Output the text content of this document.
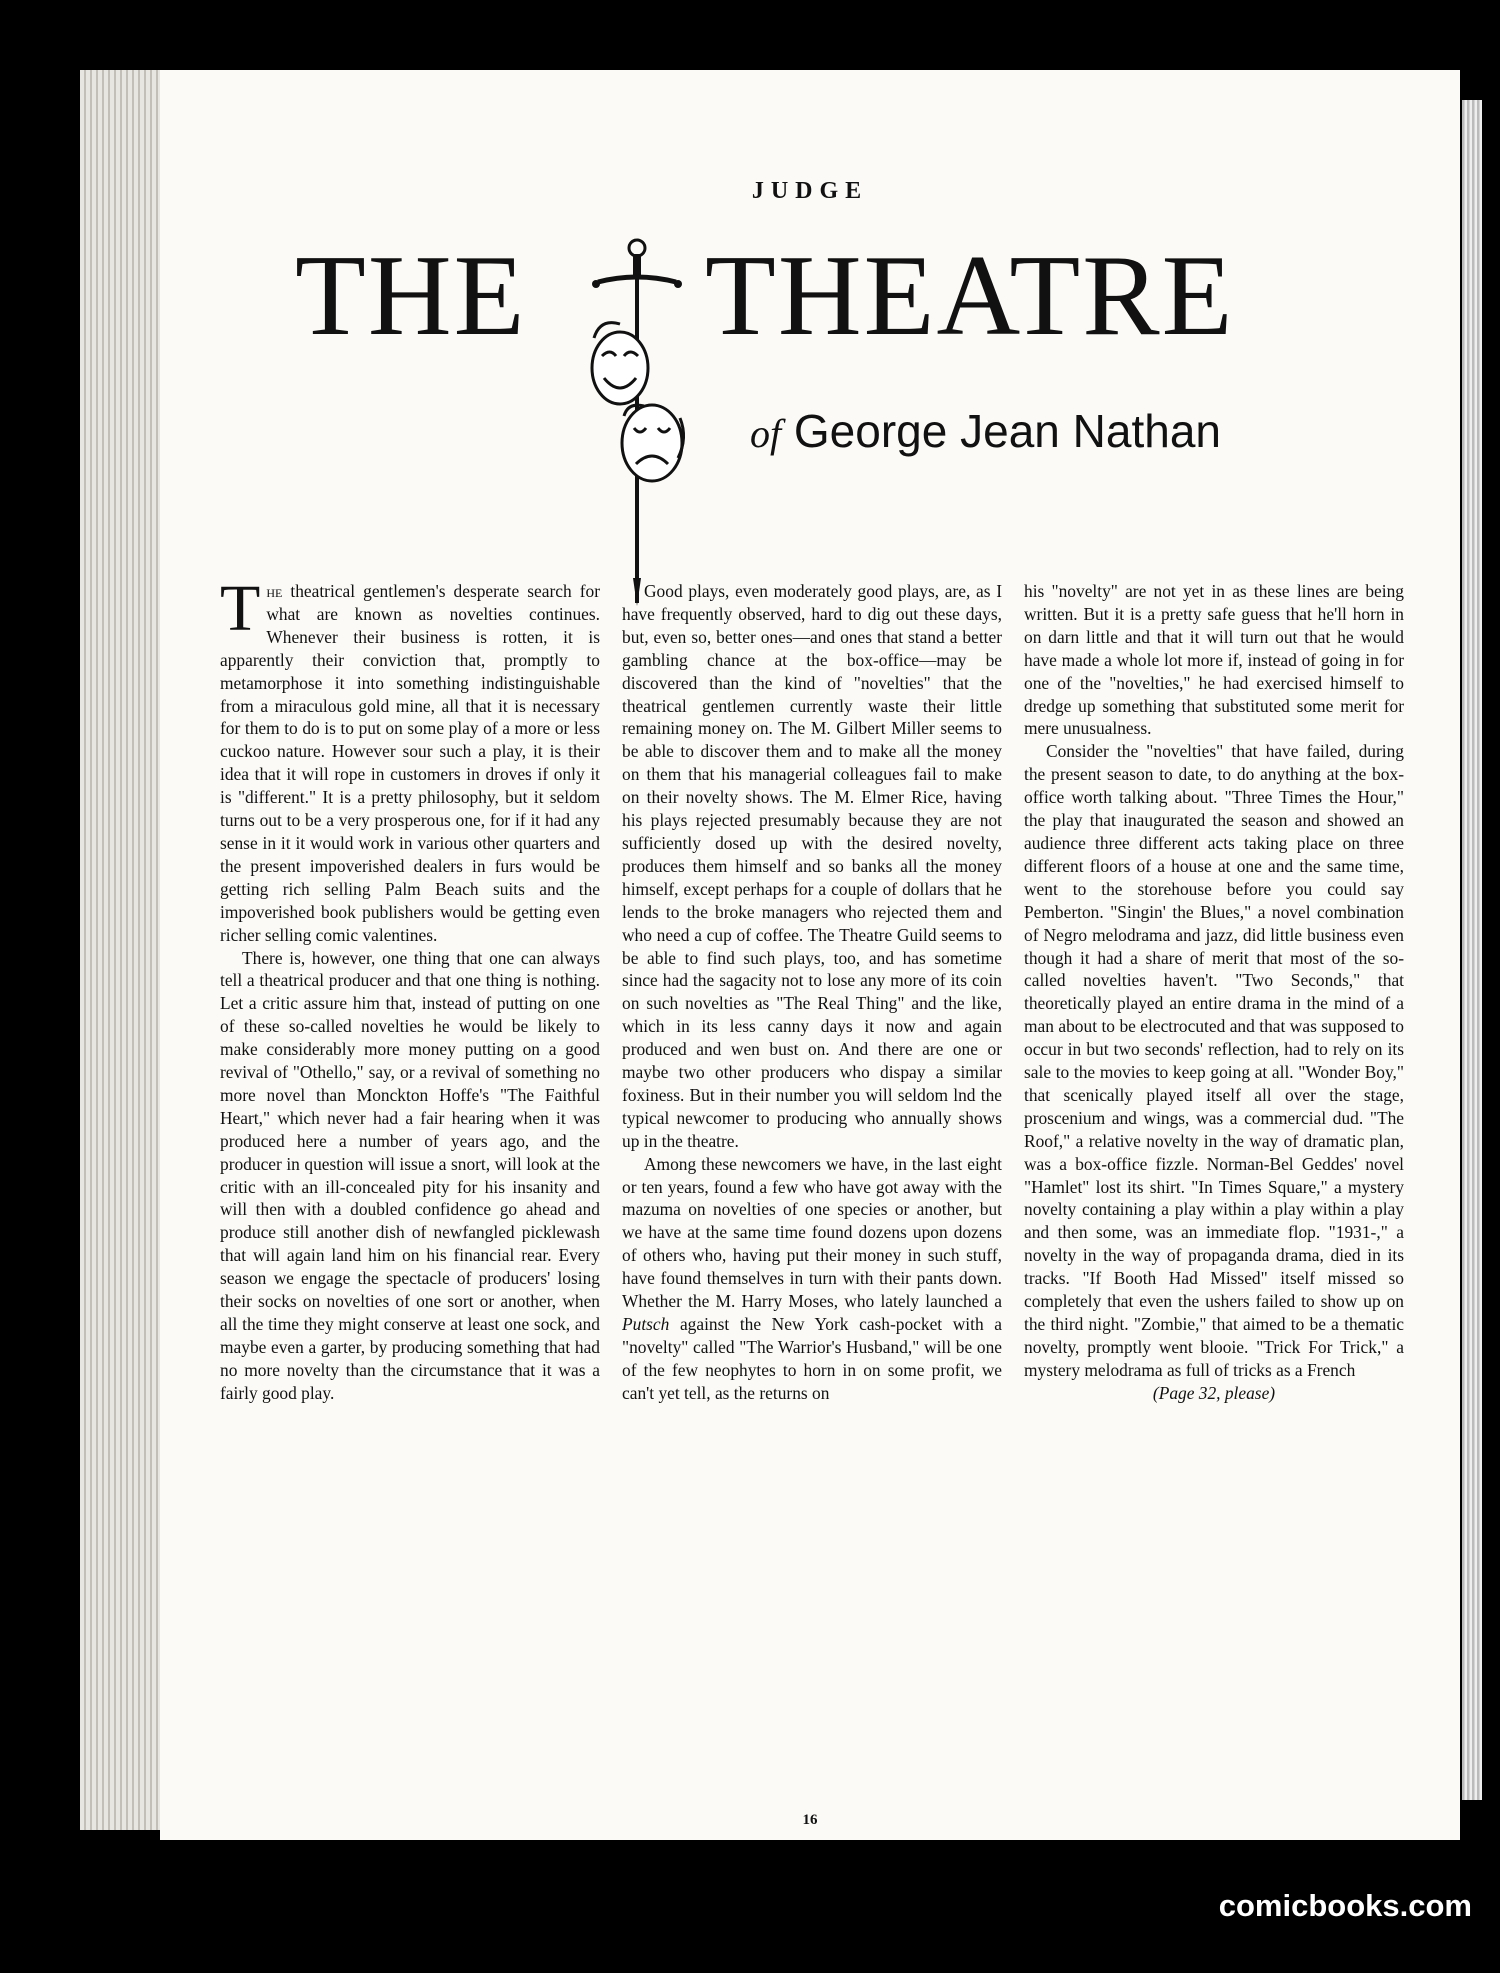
JUDGE
THE THEATRE
of George Jean Nathan

The theatrical gentlemen's desperate search for what are known as novelties continues. Whenever their business is rotten, it is apparently their conviction that, promptly to metamorphose it into something indistinguishable from a miraculous gold mine, all that it is necessary for them to do is to put on some play of a more or less cuckoo nature. However sour such a play, it is their idea that it will rope in customers in droves if only it is "different." It is a pretty philosophy, but it seldom turns out to be a very prosperous one, for if it had any sense in it it would work in various other quarters and the present impoverished dealers in furs would be getting rich selling Palm Beach suits and the impoverished book publishers would be getting even richer selling comic valentines.

There is, however, one thing that one can always tell a theatrical producer and that one thing is nothing. Let a critic assure him that, instead of putting on one of these so-called novelties he would be likely to make considerably more money putting on a good revival of "Othello," say, or a revival of something no more novel than Monckton Hoffe's "The Faithful Heart," which never had a fair hearing when it was produced here a number of years ago, and the producer in question will issue a snort, will look at the critic with an ill-concealed pity for his insanity and will then with a doubled confidence go ahead and produce still another dish of newfangled picklewash that will again land him on his financial rear. Every season we engage the spectacle of producers' losing their socks on novelties of one sort or another, when all the time they might conserve at least one sock, and maybe even a garter, by producing something that had no more novelty than the circumstance that it was a fairly good play.

Good plays, even moderately good plays, are, as I have frequently observed, hard to dig out these days, but, even so, better ones—and ones that stand a better gambling chance at the box-office—may be discovered than the kind of "novelties" that the theatrical gentlemen currently waste their little remaining money on. The M. Gilbert Miller seems to be able to discover them and to make all the money on them that his managerial colleagues fail to make on their novelty shows. The M. Elmer Rice, having his plays rejected presumably because they are not sufficiently dosed up with the desired novelty, produces them himself and so banks all the money himself, except perhaps for a couple of dollars that he lends to the broke managers who rejected them and who need a cup of coffee. The Theatre Guild seems to be able to find such plays, too, and has sometime since had the sagacity not to lose any more of its coin on such novelties as "The Real Thing" and the like, which in its less canny days it now and again produced and wen bust on. And there are one or maybe two other producers who dispay a similar foxiness. But in their number you will seldom lnd the typical newcomer to producing who annually shows up in the theatre.

Among these newcomers we have, in the last eight or ten years, found a few who have got away with the mazuma on novelties of one species or another, but we have at the same time found dozens upon dozens of others who, having put their money in such stuff, have found themselves in turn with their pants down. Whether the M. Harry Moses, who lately launched a Putsch against the New York cash-pocket with a "novelty" called "The Warrior's Husband," will be one of the few neophytes to horn in on some profit, we can't yet tell, as the returns on

his "novelty" are not yet in as these lines are being written. But it is a pretty safe guess that he'll horn in on darn little and that it will turn out that he would have made a whole lot more if, instead of going in for one of the "novelties," he had exercised himself to dredge up something that substituted some merit for mere unusualness.

Consider the "novelties" that have failed, during the present season to date, to do anything at the box-office worth talking about. "Three Times the Hour," the play that inaugurated the season and showed an audience three different acts taking place on three different floors of a house at one and the same time, went to the storehouse before you could say Pemberton. "Singin' the Blues," a novel combination of Negro melodrama and jazz, did little business even though it had a share of merit that most of the so-called novelties haven't. "Two Seconds," that theoretically played an entire drama in the mind of a man about to be electrocuted and that was supposed to occur in but two seconds' reflection, had to rely on its sale to the movies to keep going at all. "Wonder Boy," that scenically played itself all over the stage, proscenium and wings, was a commercial dud. "The Roof," a relative novelty in the way of dramatic plan, was a box-office fizzle. Norman-Bel Geddes' novel "Hamlet" lost its shirt. "In Times Square," a mystery novelty containing a play within a play within a play and then some, was an immediate flop. "1931-," a novelty in the way of propaganda drama, died in its tracks. "If Booth Had Missed" itself missed so completely that even the ushers failed to show up on the third night. "Zombie," that aimed to be a thematic novelty, promptly went blooie. "Trick For Trick," a mystery melodrama as full of tricks as a French

(Page 32, please)

16
comicbooks.com
